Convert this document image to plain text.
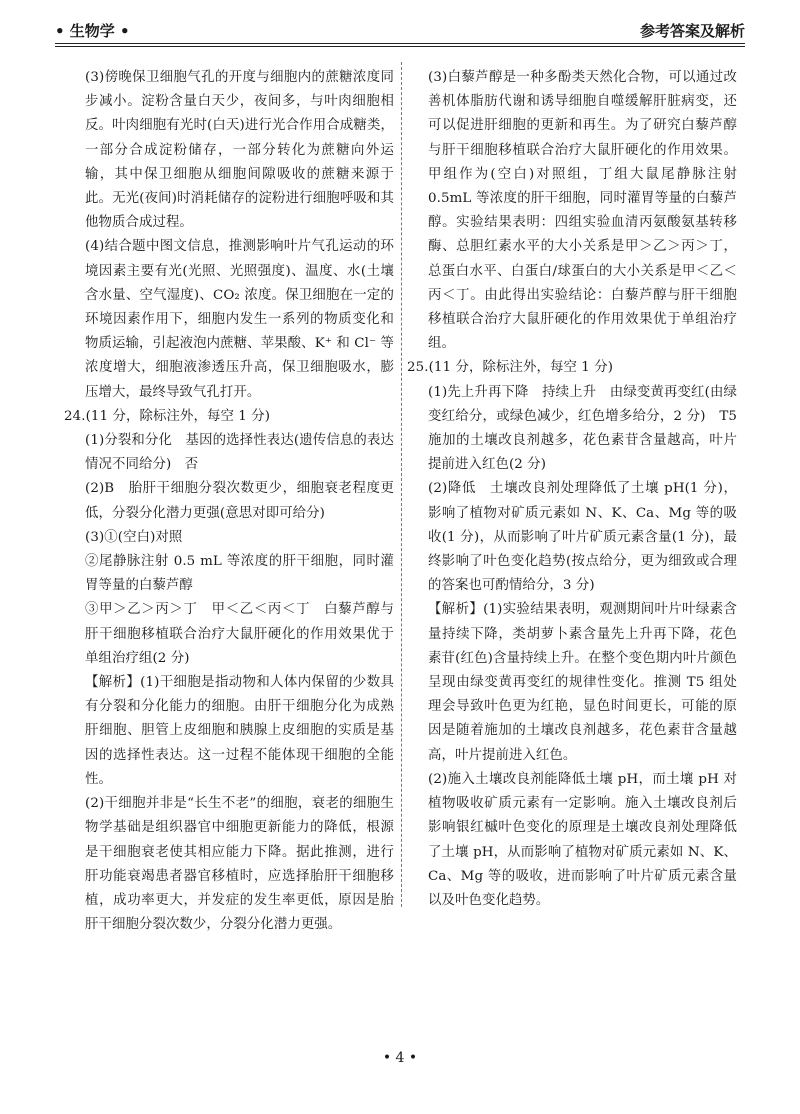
• 生物学 •	参考答案及解析

(3)傍晚保卫细胞气孔的开度与细胞内的蔗糖浓度同步减小。淀粉含量白天少，夜间多，与叶肉细胞相反。叶肉细胞有光时(白天)进行光合作用合成糖类，一部分合成淀粉储存，一部分转化为蔗糖向外运输，其中保卫细胞从细胞间隙吸收的蔗糖来源于此。无光(夜间)时消耗储存的淀粉进行细胞呼吸和其他物质合成过程。

(4)结合题中图文信息，推测影响叶片气孔运动的环境因素主要有光(光照、光照强度)、温度、水(土壤含水量、空气湿度)、CO₂ 浓度。保卫细胞在一定的环境因素作用下，细胞内发生一系列的物质变化和物质运输，引起液泡内蔗糖、苹果酸、K⁺ 和 Cl⁻ 等浓度增大，细胞液渗透压升高，保卫细胞吸水，膨压增大，最终导致气孔打开。

24.(11 分，除标注外，每空 1 分)

(1)分裂和分化　基因的选择性表达(遗传信息的表达情况不同给分)　否

(2)B　胎肝干细胞分裂次数更少，细胞衰老程度更低，分裂分化潜力更强(意思对即可给分)

(3)①(空白)对照

②尾静脉注射 0.5 mL 等浓度的肝干细胞，同时灌胃等量的白藜芦醇

③甲＞乙＞丙＞丁　甲＜乙＜丙＜丁　白藜芦醇与肝干细胞移植联合治疗大鼠肝硬化的作用效果优于单组治疗组(2 分)

【解析】(1)干细胞是指动物和人体内保留的少数具有分裂和分化能力的细胞。由肝干细胞分化为成熟肝细胞、胆管上皮细胞和胰腺上皮细胞的实质是基因的选择性表达。这一过程不能体现干细胞的全能性。

(2)干细胞并非是“长生不老”的细胞，衰老的细胞生物学基础是组织器官中细胞更新能力的降低，根源是干细胞衰老使其相应能力下降。据此推测，进行肝功能衰竭患者器官移植时，应选择胎肝干细胞移植，成功率更大，并发症的发生率更低，原因是胎肝干细胞分裂次数少，分裂分化潜力更强。

(3)白藜芦醇是一种多酚类天然化合物，可以通过改善机体脂肪代谢和诱导细胞自噬缓解肝脏病变，还可以促进肝细胞的更新和再生。为了研究白藜芦醇与肝干细胞移植联合治疗大鼠肝硬化的作用效果。甲组作为(空白)对照组，丁组大鼠尾静脉注射 0.5mL 等浓度的肝干细胞，同时灌胃等量的白藜芦醇。实验结果表明：四组实验血清丙氨酸氨基转移酶、总胆红素水平的大小关系是甲＞乙＞丙＞丁，总蛋白水平、白蛋白/球蛋白的大小关系是甲＜乙＜丙＜丁。由此得出实验结论：白藜芦醇与肝干细胞移植联合治疗大鼠肝硬化的作用效果优于单组治疗组。

25.(11 分，除标注外，每空 1 分)

(1)先上升再下降　持续上升　由绿变黄再变红(由绿变红给分，或绿色减少，红色增多给分，2 分)　T5　施加的土壤改良剂越多，花色素苷含量越高，叶片提前进入红色(2 分)

(2)降低　土壤改良剂处理降低了土壤 pH(1 分)，影响了植物对矿质元素如 N、K、Ca、Mg 等的吸收(1 分)，从而影响了叶片矿质元素含量(1 分)，最终影响了叶色变化趋势(按点给分，更为细致或合理的答案也可酌情给分，3 分)

【解析】(1)实验结果表明，观测期间叶片叶绿素含量持续下降，类胡萝卜素含量先上升再下降，花色素苷(红色)含量持续上升。在整个变色期内叶片颜色呈现由绿变黄再变红的规律性变化。推测 T5 组处理会导致叶色更为红艳，显色时间更长，可能的原因是随着施加的土壤改良剂越多，花色素苷含量越高，叶片提前进入红色。

(2)施入土壤改良剂能降低土壤 pH，而土壤 pH 对植物吸收矿质元素有一定影响。施入土壤改良剂后影响银红槭叶色变化的原理是土壤改良剂处理降低了土壤 pH，从而影响了植物对矿质元素如 N、K、Ca、Mg 等的吸收，进而影响了叶片矿质元素含量以及叶色变化趋势。

• 4 •
